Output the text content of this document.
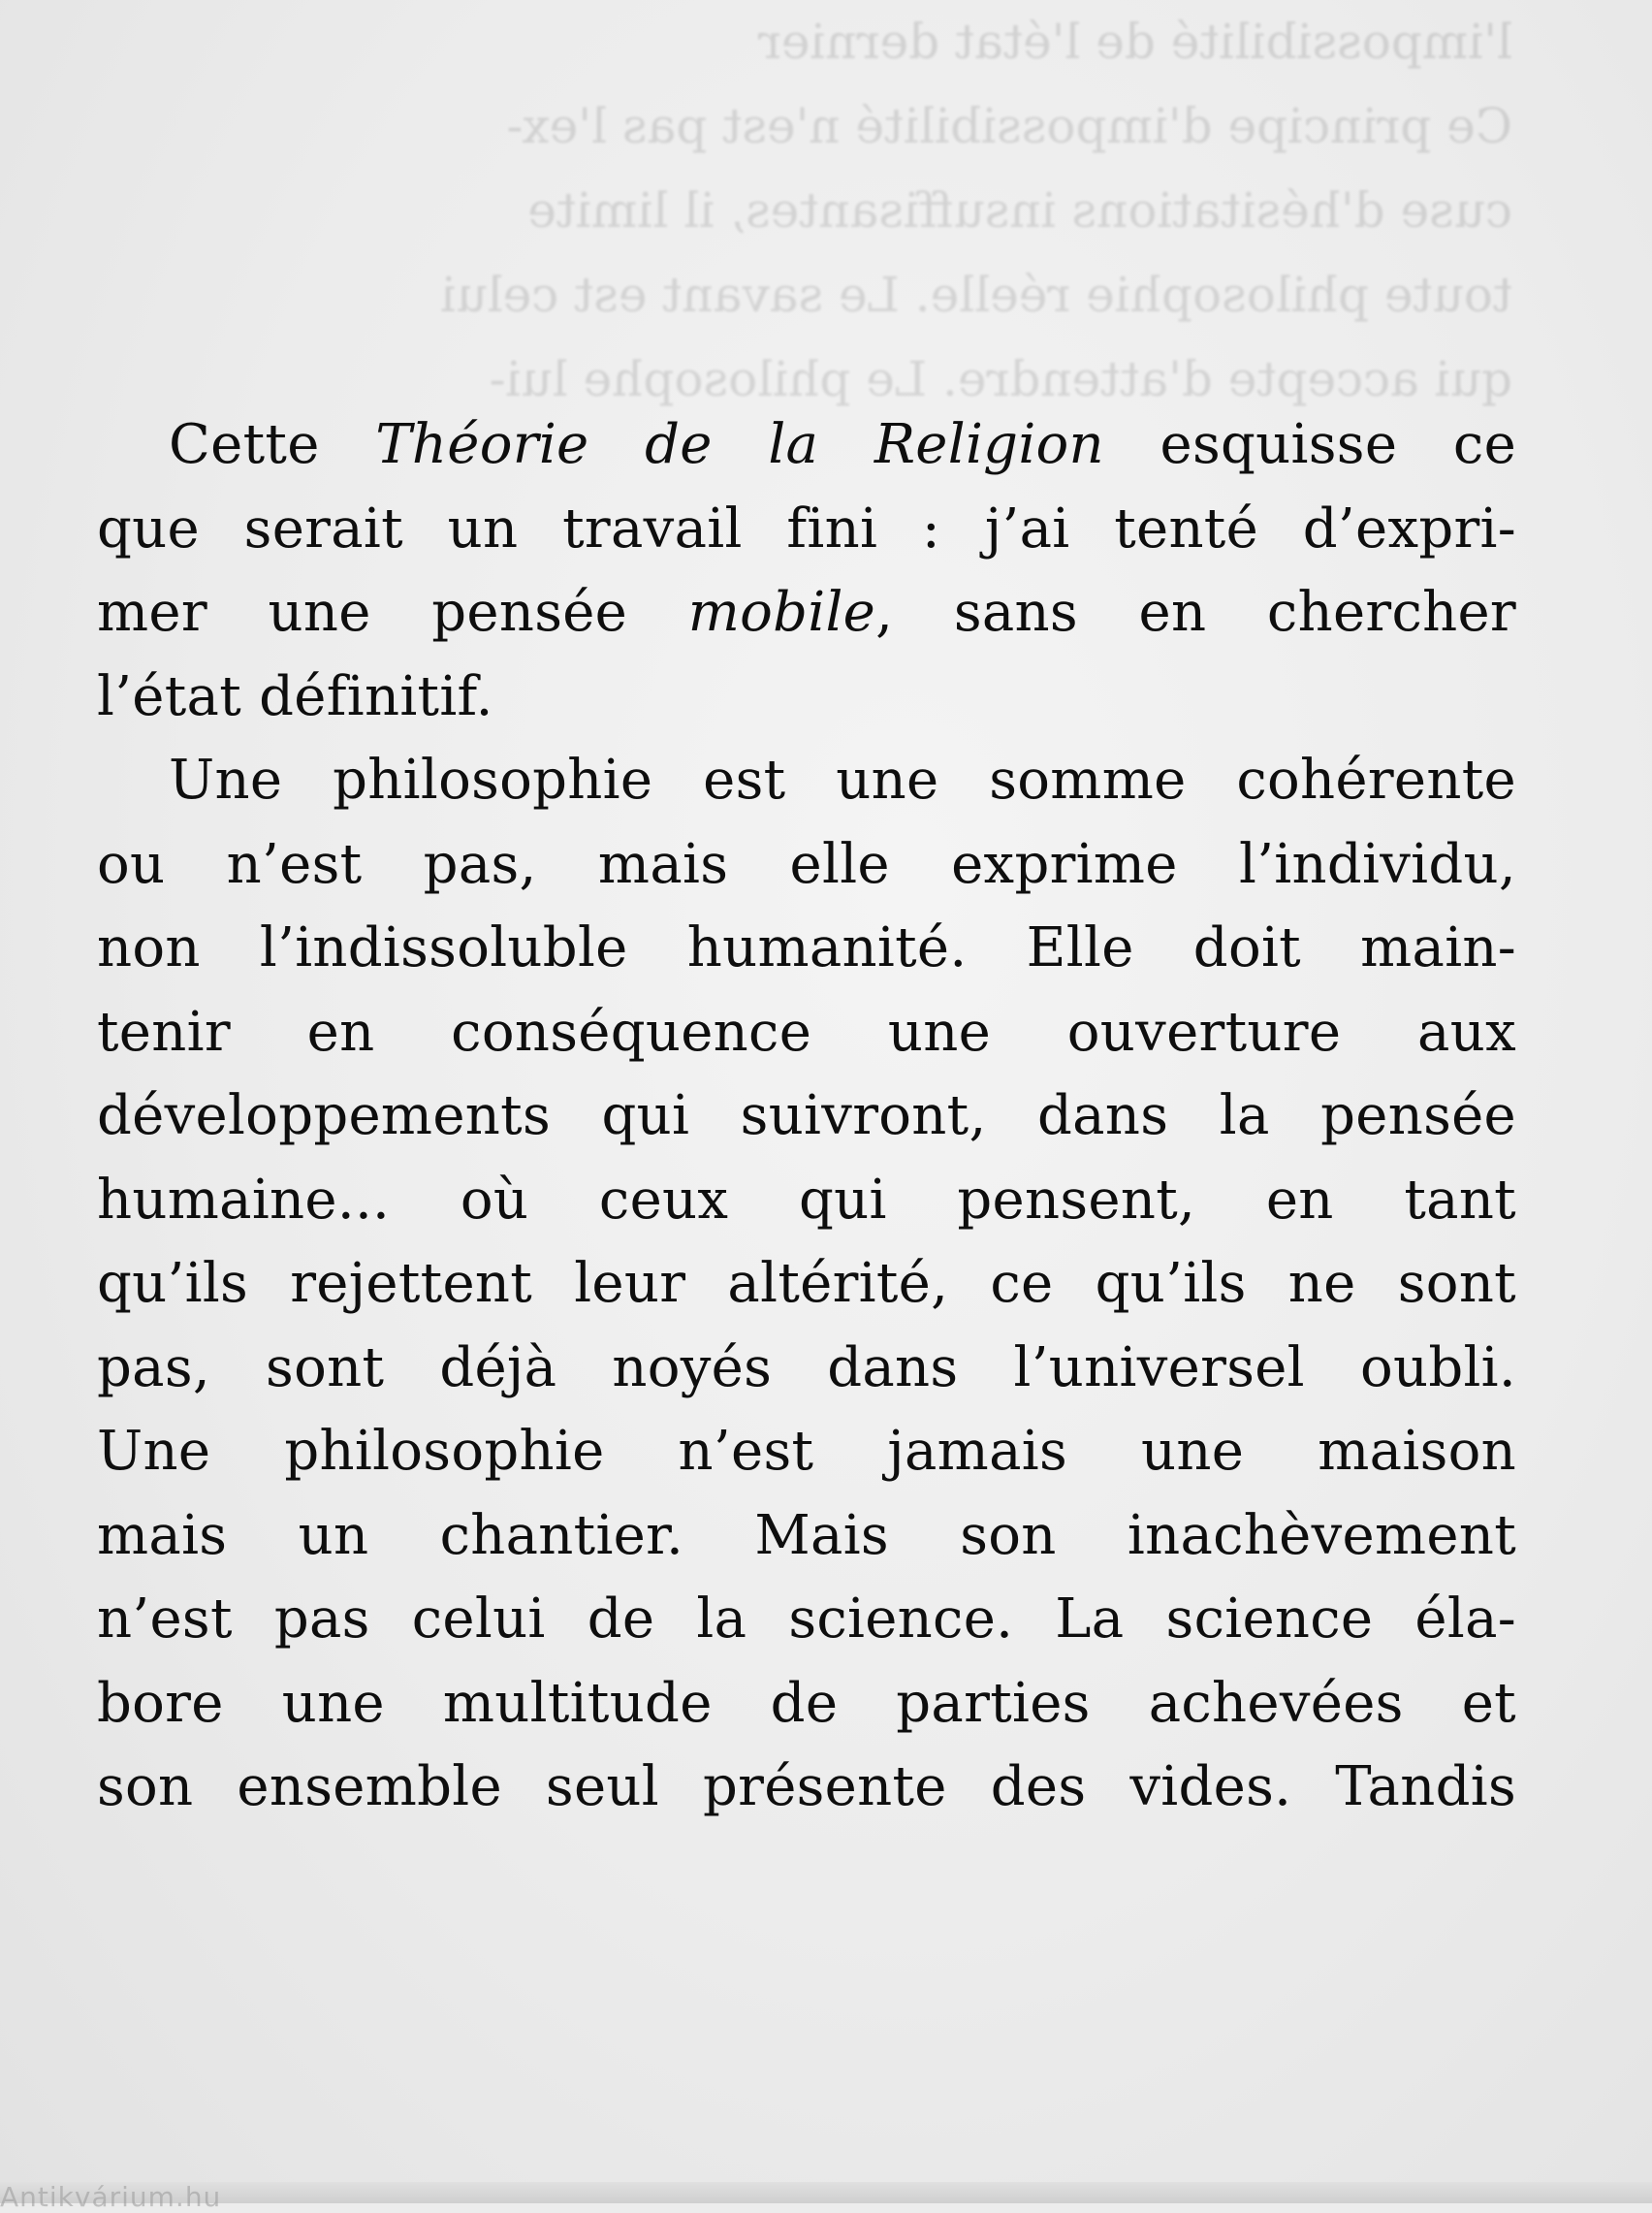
l'impossibilité de l'état dernier
Ce principe d'impossibilité n'est pas l'ex-
cuse d'hésitations insuffisantes, il limite
toute philosophie réelle. Le savant est celui
qui accepte d'attendre. Le philosophe lui-
Cette Théorie de la Religion esquisse ce
que serait un travail fini : j’ai tenté d’expri-
mer une pensée mobile, sans en chercher
l’état définitif.
Une philosophie est une somme cohérente
ou n’est pas, mais elle exprime l’individu,
non l’indissoluble humanité. Elle doit main-
tenir en conséquence une ouverture aux
développements qui suivront, dans la pensée
humaine... où ceux qui pensent, en tant
qu’ils rejettent leur altérité, ce qu’ils ne sont
pas, sont déjà noyés dans l’universel oubli.
Une philosophie n’est jamais une maison
mais un chantier. Mais son inachèvement
n’est pas celui de la science. La science éla-
bore une multitude de parties achevées et
son ensemble seul présente des vides. Tandis
Antikvárium.hu
